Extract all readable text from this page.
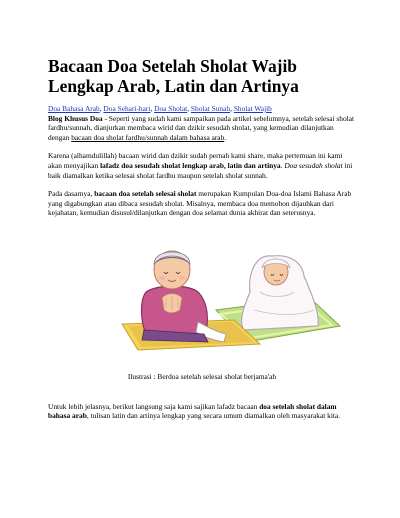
Bacaan Doa Setelah Sholat Wajib Lengkap Arab, Latin dan Artinya
Doa Bahasa Arab, Doa Sehari-hari, Doa Sholat, Sholat Sunah, Sholat Wajib

Blog Khusus Doa - Seperti yang sudah kami sampaikan pada artikel sebelumnya, setelah selesai sholat fardhu/sunnah, dianjurkan membaca wirid dan dzikir sesudah sholat, yang kemudian dilanjutkan dengan bacaan doa sholat fardhu/sunnah dalam bahasa arab.

Karena (alhamdulillah) bacaan wirid dan dzikir sudah pernah kami share, maka pertemuan ini kami akan menyajikan lafadz doa sesudah sholat lengkap arab, latin dan artinya. Doa sesudah sholat ini baik diamalkan ketika selesai sholat fardhu maupun setelah sholat sunnah.

Pada dasarnya, bacaan doa setelah selesai sholat merupakan Kumpulan Doa-doa Islami Bahasa Arab yang digabungkan atau dibaca sesudah sholat. Misalnya, membaca doa memohon dijauhkan dari kejahatan, kemudian disusul/dilanjutkan dengan doa selamat dunia akhirat dan seterusnya.

Ilustrasi : Berdoa setelah selesai sholat berjama'ah

Untuk lebih jelasnya, berikut langsung saja kami sajikan lafadz bacaan doa setelah sholat dalam bahasa arab, tulisan latin dan artinya lengkap yang secara umum diamalkan oleh masyarakat kita.
